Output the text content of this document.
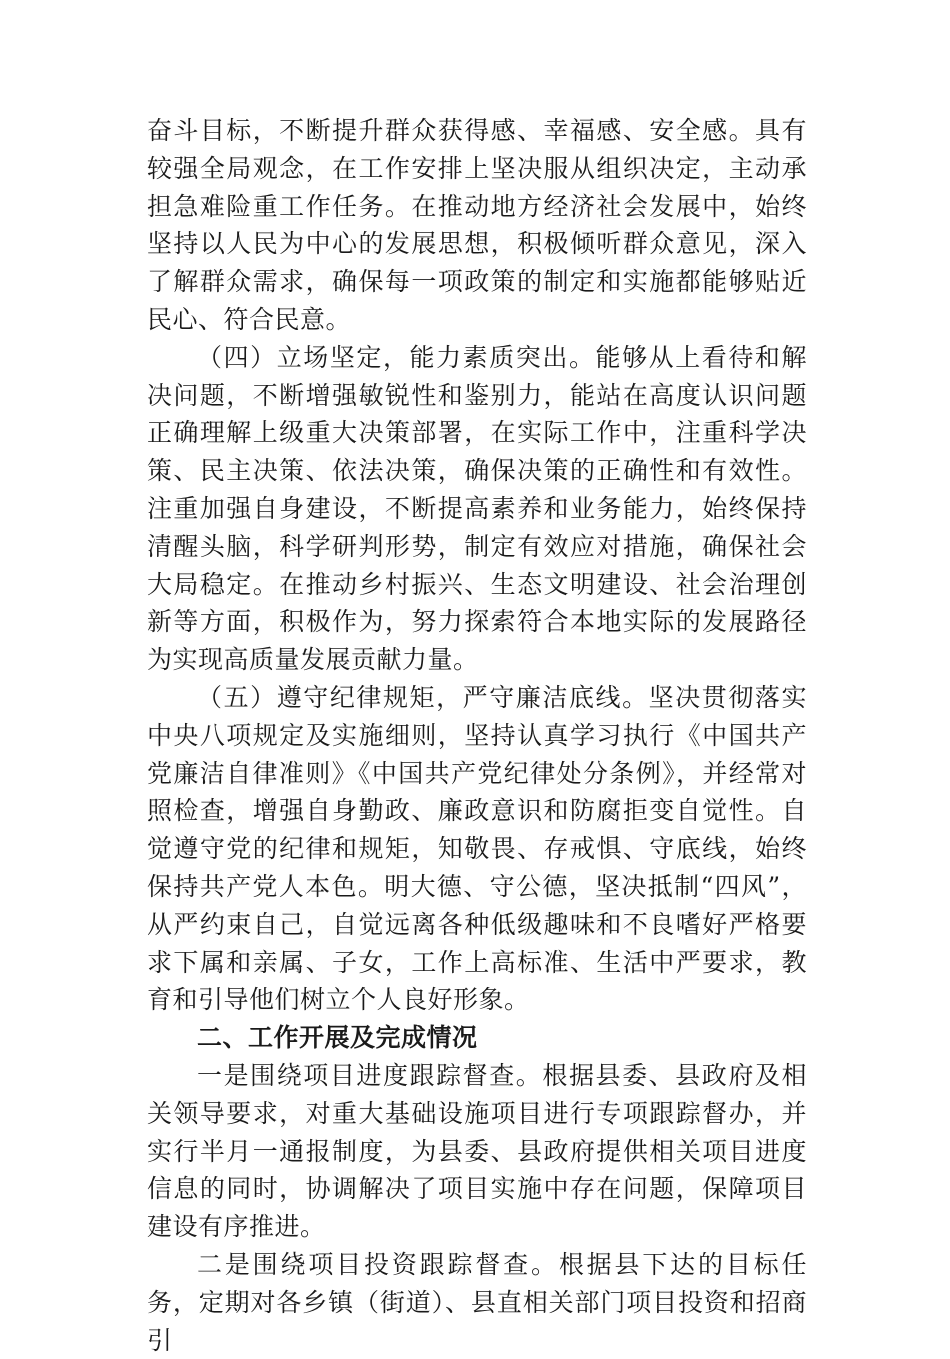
奋斗目标，不断提升群众获得感、幸福感、安全感。具有较强全局观念，在工作安排上坚决服从组织决定，主动承担急难险重工作任务。在推动地方经济社会发展中，始终坚持以人民为中心的发展思想，积极倾听群众意见，深入了解群众需求，确保每一项政策的制定和实施都能够贴近民心、符合民意。

（四）立场坚定，能力素质突出。能够从上看待和解决问题，不断增强敏锐性和鉴别力，能站在高度认识问题正确理解上级重大决策部署，在实际工作中，注重科学决策、民主决策、依法决策，确保决策的正确性和有效性。注重加强自身建设，不断提高素养和业务能力，始终保持清醒头脑，科学研判形势，制定有效应对措施，确保社会大局稳定。在推动乡村振兴、生态文明建设、社会治理创新等方面，积极作为，努力探索符合本地实际的发展路径为实现高质量发展贡献力量。

（五）遵守纪律规矩，严守廉洁底线。坚决贯彻落实中央八项规定及实施细则，坚持认真学习执行《中国共产党廉洁自律准则》《中国共产党纪律处分条例》，并经常对照检查，增强自身勤政、廉政意识和防腐拒变自觉性。自觉遵守党的纪律和规矩，知敬畏、存戒惧、守底线，始终保持共产党人本色。明大德、守公德，坚决抵制“四风”，从严约束自己，自觉远离各种低级趣味和不良嗜好严格要求下属和亲属、子女，工作上高标准、生活中严要求，教育和引导他们树立个人良好形象。

二、工作开展及完成情况

一是围绕项目进度跟踪督查。根据县委、县政府及相关领导要求，对重大基础设施项目进行专项跟踪督办，并实行半月一通报制度，为县委、县政府提供相关项目进度信息的同时，协调解决了项目实施中存在问题，保障项目建设有序推进。

二是围绕项目投资跟踪督查。根据县下达的目标任务，定期对各乡镇（街道）、县直相关部门项目投资和招商引
